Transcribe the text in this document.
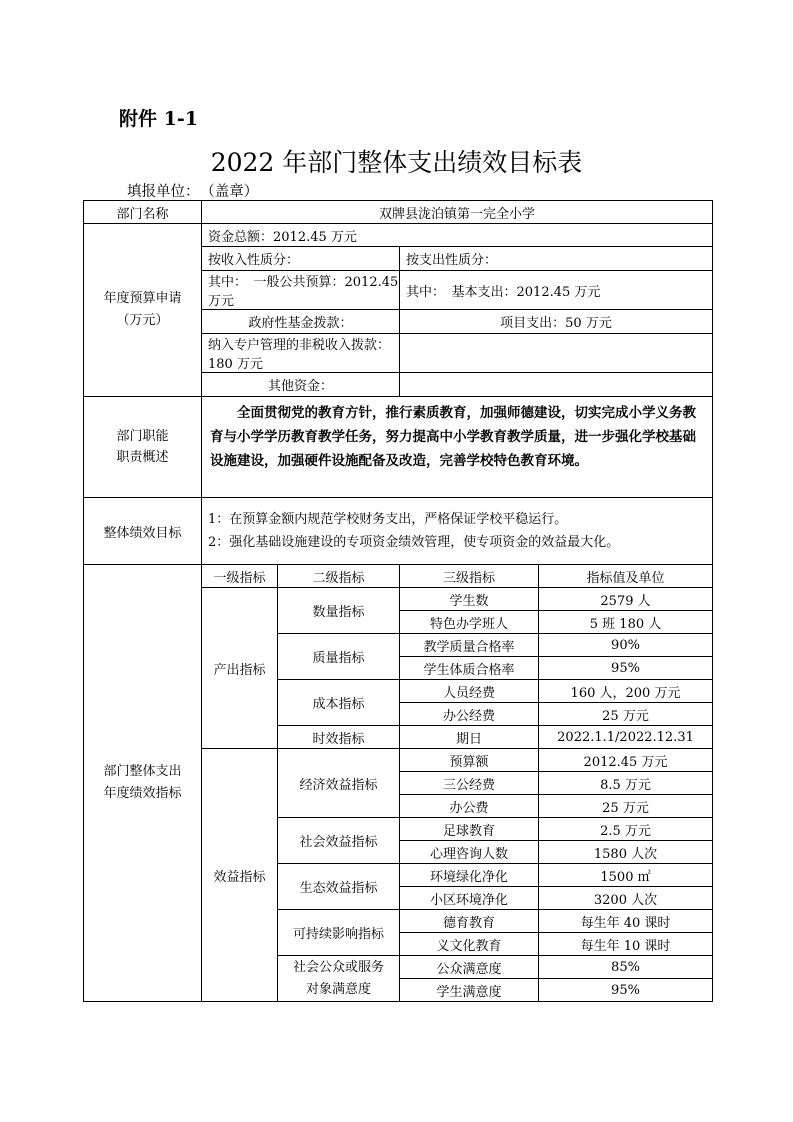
附件 1-1
2022 年部门整体支出绩效目标表
填报单位： （盖章）
部门名称	双牌县泷泊镇第一完全小学			

年度预算申请
（万元）	资金总额：2012.45 万元			
	按收入性质分：		按支出性质分：	
	其中：　一般公共预算：2012.45 万元		其中：　基本支出：2012.45 万元	
	政府性基金拨款：		项目支出：50 万元	
	纳入专户管理的非税收入拨款：180 万元			
	其他资金：			

部门职能
职责概述	全面贯彻党的教育方针，推行素质教育，加强师德建设，切实完成小学义务教育与小学学历教育教学任务，努力提高中小学教育教学质量，进一步强化学校基础设施建设，加强硬件设施配备及改造，完善学校特色教育环境。			
整体绩效目标	1：在预算金额内规范学校财务支出，严格保证学校平稳运行。
2：强化基础设施建设的专项资金绩效管理，使专项资金的效益最大化。			

部门整体支出
年度绩效指标	一级指标	二级指标	三级指标	指标值及单位
	产出指标	数量指标	学生数	2579 人
			特色办学班人	5 班 180 人
		质量指标	教学质量合格率	90%
			学生体质合格率	95%
		成本指标	人员经费	160 人，200 万元
			办公经费	25 万元
		时效指标	期日	2022.1.1/2022.12.31
	效益指标	经济效益指标	预算额	2012.45 万元
			三公经费	8.5 万元
			办公费	25 万元
		社会效益指标	足球教育	2.5 万元
			心理咨询人数	1580 人次
		生态效益指标	环境绿化净化	1500 ㎡
			小区环境净化	3200 人次
		可持续影响指标	德育教育	每生年 40 课时
			义文化教育	每生年 10 课时

		社会公众或服务
对象满意度	公众满意度	85%
			学生满意度	95%
